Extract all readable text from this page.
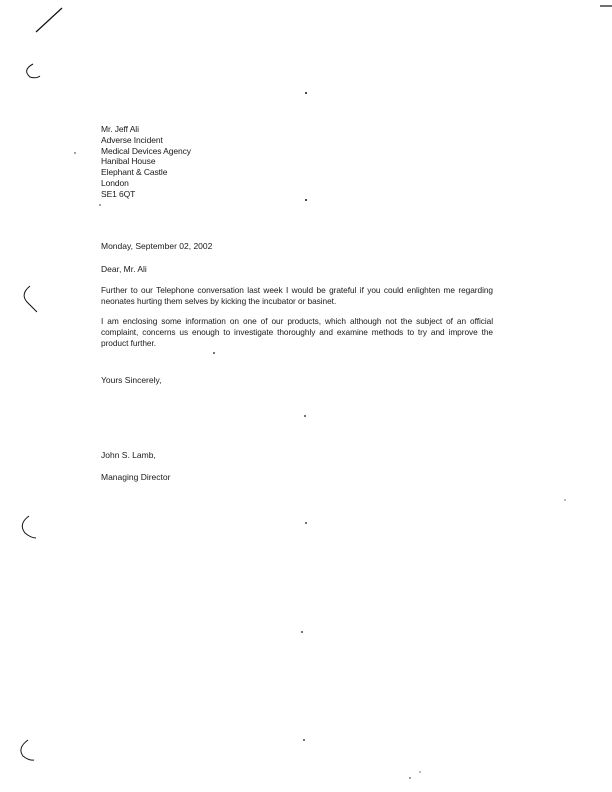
Mr. Jeff Ali
Adverse Incident
Medical Devices Agency
Hanibal House
Elephant & Castle
London
SE1 6QT
Monday, September 02, 2002
Dear, Mr. Ali
Further to our Telephone conversation last week I would be grateful if you could enlighten me regarding neonates hurting them selves by kicking the incubator or basinet.
I am enclosing some information on one of our products, which although not the subject of an official complaint, concerns us enough to investigate thoroughly and examine methods to try and improve the product further.
Yours Sincerely,
John S. Lamb,
Managing Director
